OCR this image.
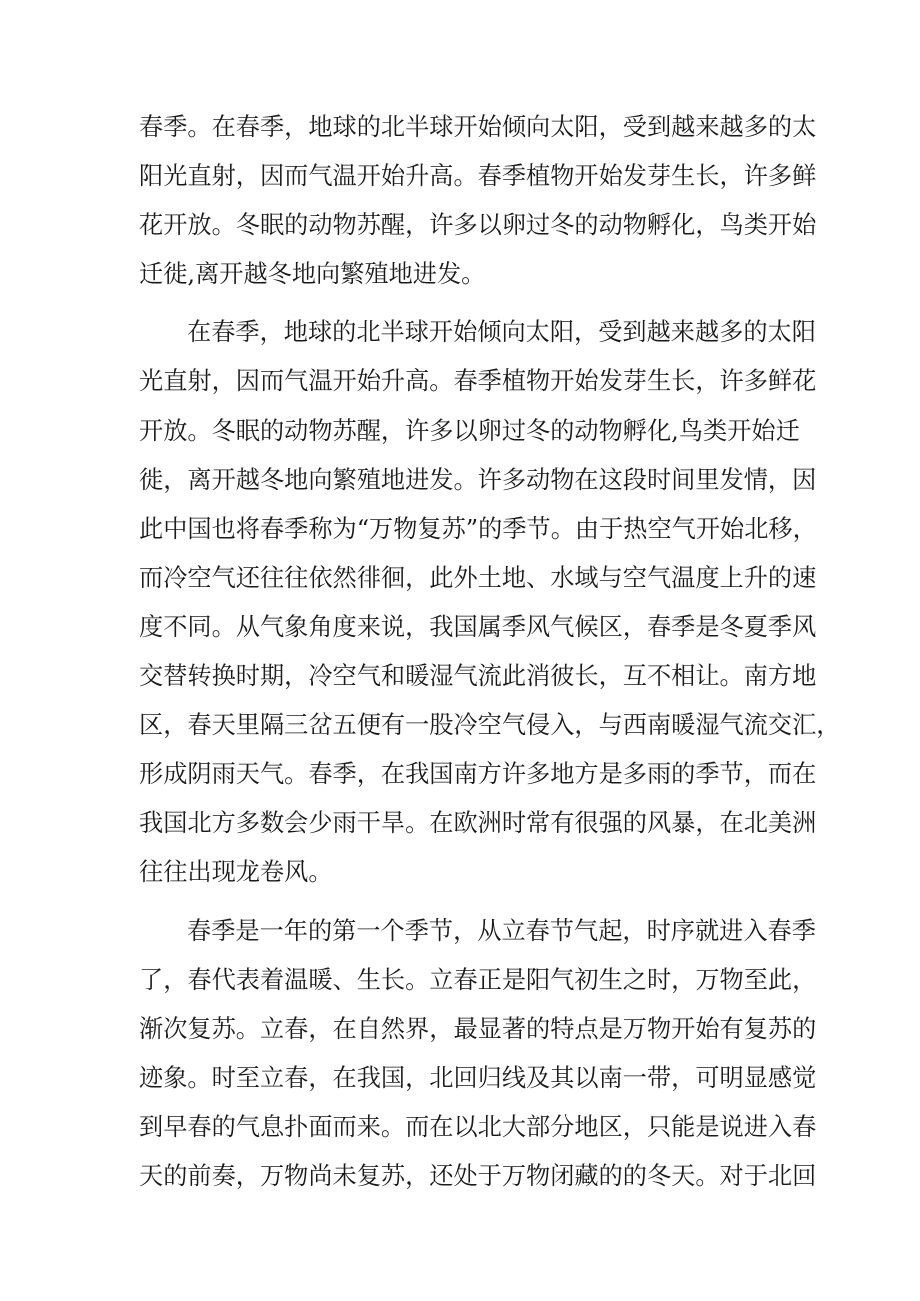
春季。在春季，地球的北半球开始倾向太阳，受到越来越多的太
阳光直射，因而气温开始升高。春季植物开始发芽生长，许多鲜
花开放。冬眠的动物苏醒，许多以卵过冬的动物孵化，鸟类开始
迁徙,离开越冬地向繁殖地进发。
在春季，地球的北半球开始倾向太阳，受到越来越多的太阳
光直射，因而气温开始升高。春季植物开始发芽生长，许多鲜花
开放。冬眠的动物苏醒，许多以卵过冬的动物孵化,鸟类开始迁
徙，离开越冬地向繁殖地进发。许多动物在这段时间里发情，因
此中国也将春季称为“万物复苏”的季节。由于热空气开始北移，
而冷空气还往往依然徘徊，此外土地、水域与空气温度上升的速
度不同。从气象角度来说，我国属季风气候区，春季是冬夏季风
交替转换时期，冷空气和暖湿气流此消彼长，互不相让。南方地
区，春天里隔三岔五便有一股冷空气侵入，与西南暖湿气流交汇，
形成阴雨天气。春季，在我国南方许多地方是多雨的季节，而在
我国北方多数会少雨干旱。在欧洲时常有很强的风暴，在北美洲
往往出现龙卷风。
春季是一年的第一个季节，从立春节气起，时序就进入春季
了，春代表着温暖、生长。立春正是阳气初生之时，万物至此，
渐次复苏。立春，在自然界，最显著的特点是万物开始有复苏的
迹象。时至立春，在我国，北回归线及其以南一带，可明显感觉
到早春的气息扑面而来。而在以北大部分地区，只能是说进入春
天的前奏，万物尚未复苏，还处于万物闭藏的的冬天。对于北回
